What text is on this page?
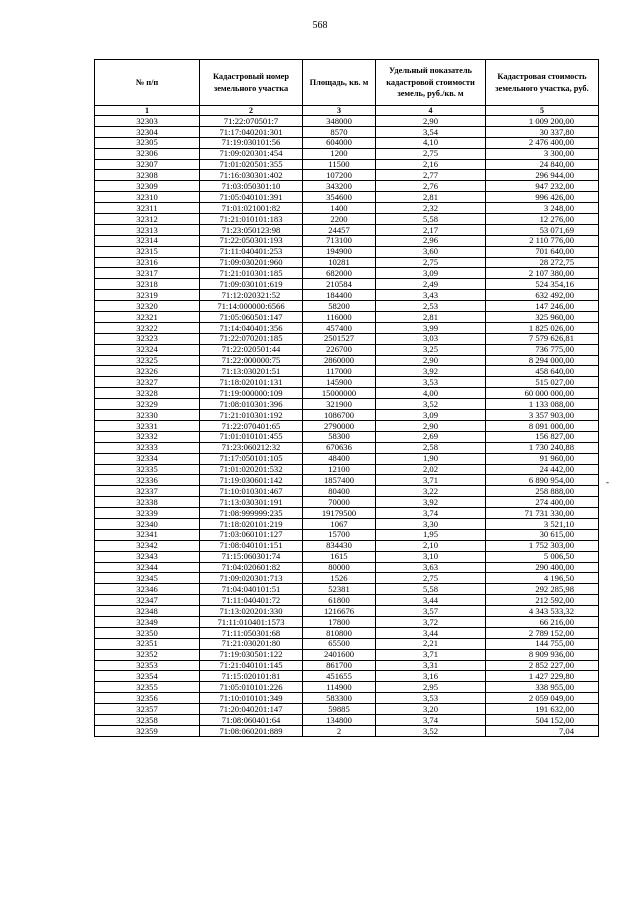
568
№ п/п	Кадастровый номер земельного участка	Площадь, кв. м	Удельный показатель кадастровой стоимости земель, руб./кв. м	Кадастровая стоимость земельного участка, руб.
1	2	3	4	5
32303	71:22:070501:7	348000	2,90	1 009 200,00
32304	71:17:040201:301	8570	3,54	30 337,80
32305	71:19:030101:56	604000	4,10	2 476 400,00
32306	71:09:020301:454	1200	2,75	3 300,00
32307	71:01:020501:355	11500	2,16	24 840,00
32308	71:16:030301:402	107200	2,77	296 944,00
32309	71:03:050301:10	343200	2,76	947 232,00
32310	71:05:040101:391	354600	2,81	996 426,00
32311	71:01:021001:82	1400	2,32	3 248,00
32312	71:21:010101:183	2200	5,58	12 276,00
32313	71:23:050123:98	24457	2,17	53 071,69
32314	71:22:050301:193	713100	2,96	2 110 776,00
32315	71:11:040401:253	194900	3,60	701 640,00
32316	71:09:030201:960	10281	2,75	28 272,75
32317	71:21:010301:185	682000	3,09	2 107 380,00
32318	71:09:030101:619	210584	2,49	524 354,16
32319	71:12:020321:52	184400	3,43	632 492,00
32320	71:14:000000:6566	58200	2,53	147 246,00
32321	71:05:060501:147	116000	2,81	325 960,00
32322	71:14:040401:356	457400	3,99	1 825 026,00
32323	71:22:070201:185	2501527	3,03	7 579 626,81
32324	71:22:020501:44	226700	3,25	736 775,00
32325	71:22:000000:75	2860000	2,90	8 294 000,00
32326	71:13:030201:51	117000	3,92	458 640,00
32327	71:18:020101:131	145900	3,53	515 027,00
32328	71:19:000000:109	15000000	4,00	60 000 000,00
32329	71:08:010301:396	321900	3,52	1 133 088,00
32330	71:21:010301:192	1086700	3,09	3 357 903,00
32331	71:22:070401:65	2790000	2,90	8 091 000,00
32332	71:01:010101:455	58300	2,69	156 827,00
32333	71:23:060212:32	670636	2,58	1 730 240,88
32334	71:17:050101:105	48400	1,90	91 960,00
32335	71:01:020201:532	12100	2,02	24 442,00
32336	71:19:030601:142	1857400	3,71	6 890 954,00
32337	71:10:010301:467	80400	3,22	258 888,00
32338	71:13:030301:191	70000	3,92	274 400,00
32339	71:08:999999:235	19179500	3,74	71 731 330,00
32340	71:18:020101:219	1067	3,30	3 521,10
32341	71:03:060101:127	15700	1,95	30 615,00
32342	71:08:040101:151	834430	2,10	1 752 303,00
32343	71:15:060301:74	1615	3,10	5 006,50
32344	71:04:020601:82	80000	3,63	290 400,00
32345	71:09:020301:713	1526	2,75	4 196,50
32346	71:04:040101:51	52381	5,58	292 285,98
32347	71:11:040401:72	61800	3,44	212 592,00
32348	71:13:020201:330	1216676	3,57	4 343 533,32
32349	71:11:010401:1573	17800	3,72	66 216,00
32350	71:11:050301:68	810800	3,44	2 789 152,00
32351	71:21:030201:80	65500	2,21	144 755,00
32352	71:19:030501:122	2401600	3,71	8 909 936,00
32353	71:21:040101:145	861700	3,31	2 852 227,00
32354	71:15:020101:81	451655	3,16	1 427 229,80
32355	71:05:010101:226	114900	2,95	338 955,00
32356	71:10:010101:349	583300	3,53	2 059 049,00
32357	71:20:040201:147	59885	3,20	191 632,00
32358	71:08:060401:64	134800	3,74	504 152,00
32359	71:08:060201:889	2	3,52	7,04
-
